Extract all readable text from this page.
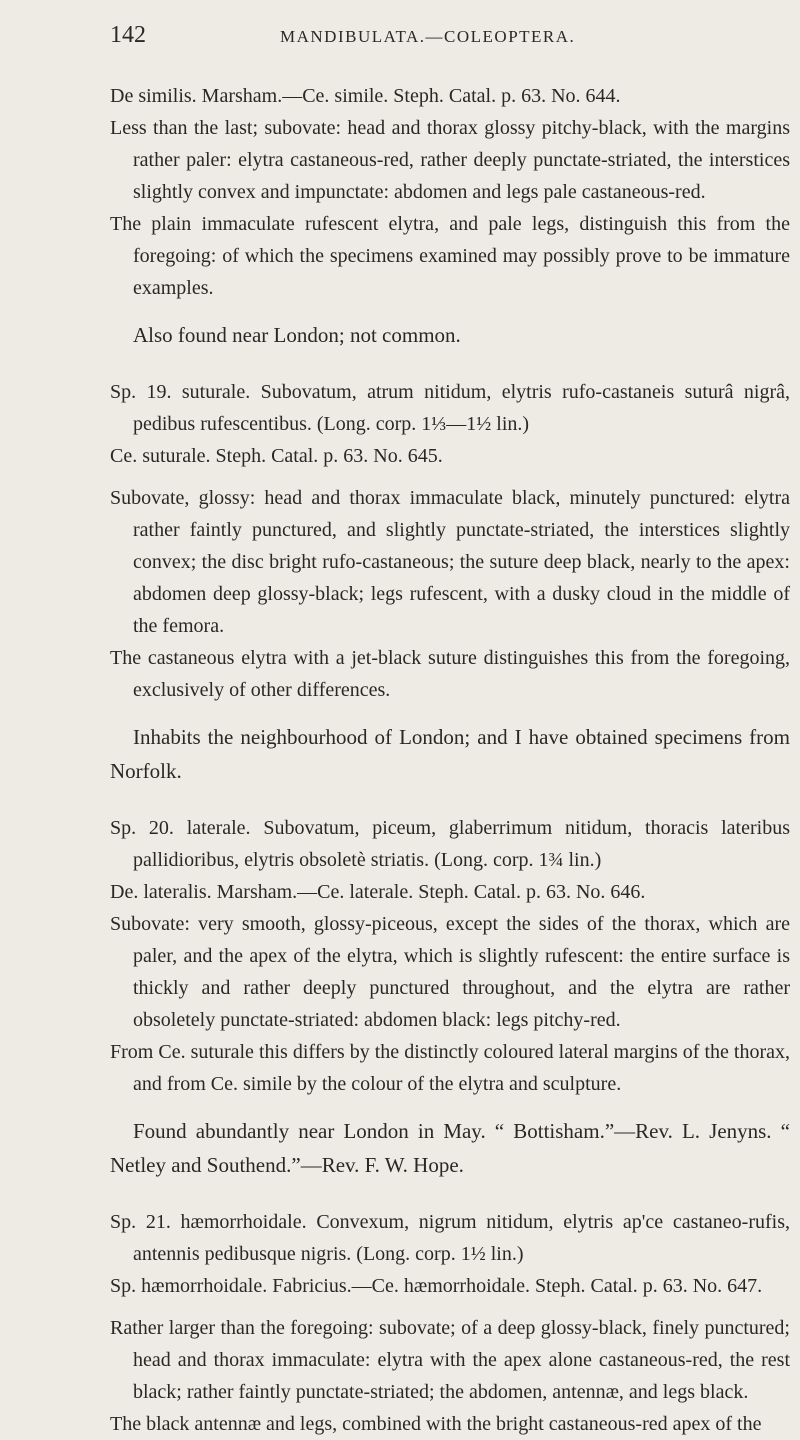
142	MANDIBULATA.—COLEOPTERA.

De similis. Marsham.—Ce. simile. Steph. Catal. p. 63. No. 644.

Less than the last; subovate: head and thorax glossy pitchy-black, with the margins rather paler: elytra castaneous-red, rather deeply punctate-striated, the interstices slightly convex and impunctate: abdomen and legs pale castaneous-red.

The plain immaculate rufescent elytra, and pale legs, distinguish this from the foregoing: of which the specimens examined may possibly prove to be immature examples.

Also found near London; not common.

Sp. 19. suturale. Subovatum, atrum nitidum, elytris rufo-castaneis suturâ nigrâ, pedibus rufescentibus. (Long. corp. 1⅓—1½ lin.)

Ce. suturale. Steph. Catal. p. 63. No. 645.

Subovate, glossy: head and thorax immaculate black, minutely punctured: elytra rather faintly punctured, and slightly punctate-striated, the interstices slightly convex; the disc bright rufo-castaneous; the suture deep black, nearly to the apex: abdomen deep glossy-black; legs rufescent, with a dusky cloud in the middle of the femora.

The castaneous elytra with a jet-black suture distinguishes this from the foregoing, exclusively of other differences.

Inhabits the neighbourhood of London; and I have obtained specimens from Norfolk.

Sp. 20. laterale. Subovatum, piceum, glaberrimum nitidum, thoracis lateribus pallidioribus, elytris obsoletè striatis. (Long. corp. 1¾ lin.)

De. lateralis. Marsham.—Ce. laterale. Steph. Catal. p. 63. No. 646.

Subovate: very smooth, glossy-piceous, except the sides of the thorax, which are paler, and the apex of the elytra, which is slightly rufescent: the entire surface is thickly and rather deeply punctured throughout, and the elytra are rather obsoletely punctate-striated: abdomen black: legs pitchy-red.

From Ce. suturale this differs by the distinctly coloured lateral margins of the thorax, and from Ce. simile by the colour of the elytra and sculpture.

Found abundantly near London in May. “ Bottisham.”—Rev. L. Jenyns. “ Netley and Southend.”—Rev. F. W. Hope.

Sp. 21. hæmorrhoidale. Convexum, nigrum nitidum, elytris ap'ce castaneo-rufis, antennis pedibusque nigris. (Long. corp. 1½ lin.)

Sp. hæmorrhoidale. Fabricius.—Ce. hæmorrhoidale. Steph. Catal. p. 63. No. 647.

Rather larger than the foregoing: subovate; of a deep glossy-black, finely punctured; head and thorax immaculate: elytra with the apex alone castaneous-red, the rest black; rather faintly punctate-striated; the abdomen, antennæ, and legs black.

The black antennæ and legs, combined with the bright castaneous-red apex of the
